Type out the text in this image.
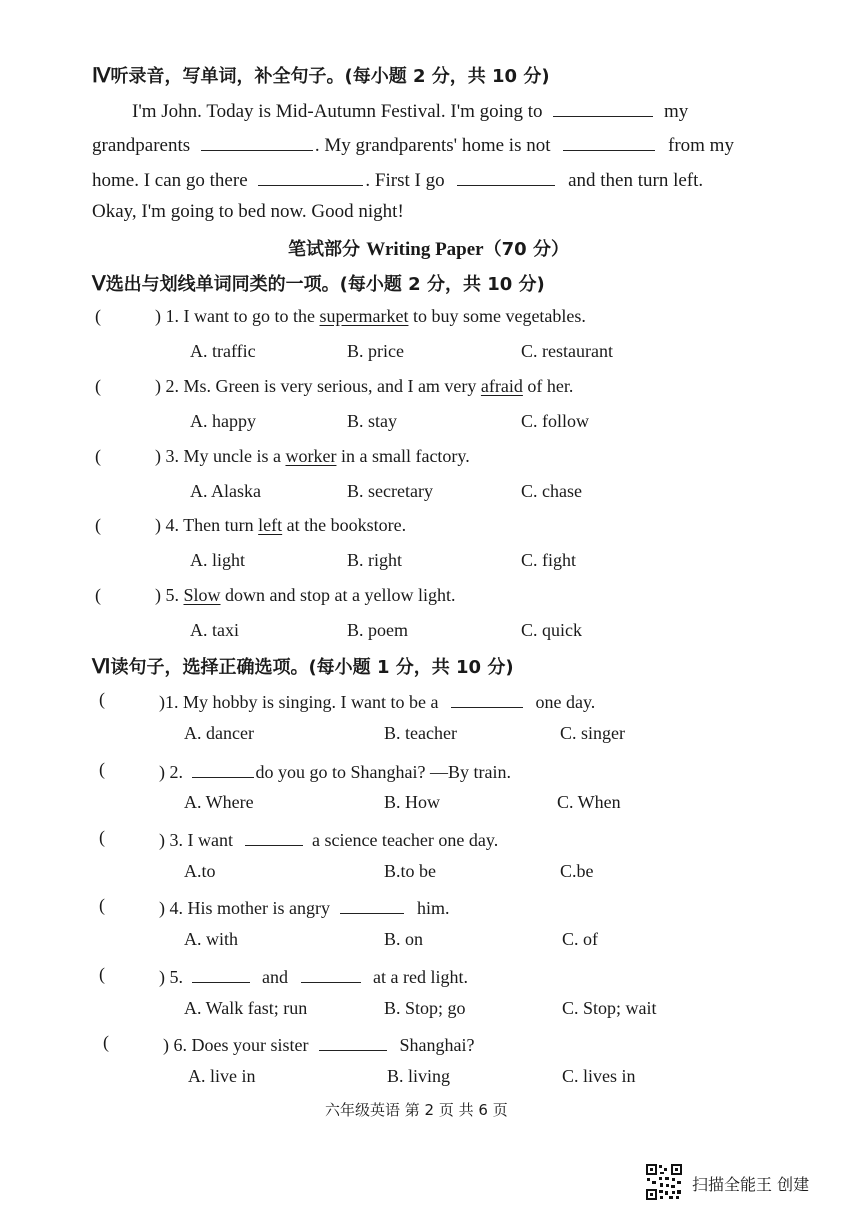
Ⅳ听录音，写单词，补全句子。(每小题 2 分，共 10 分)
I'm John. Today is Mid-Autumn Festival. I'm going to	my
grandparents	. My grandparents' home is not	from my
home. I can go there	. First I go	and then turn left.
Okay, I'm going to bed now. Good night!
笔试部分 Writing Paper（70 分）
Ⅴ选出与划线单词同类的一项。(每小题 2 分，共 10 分)
(	) 1. I want to go to the supermarket to buy some vegetables.
A. traffic	B. price	C. restaurant
(	) 2. Ms. Green is very serious, and I am very afraid of her.
A. happy	B. stay	C. follow
(	) 3. My uncle is a worker in a small factory.
A. Alaska	B. secretary	C. chase
(	) 4. Then turn left at the bookstore.
A. light	B. right	C. fight
(	) 5. Slow down and stop at a yellow light.
A. taxi	B. poem	C. quick
Ⅵ读句子，选择正确选项。(每小题 1 分，共 10 分)
(	)1. My hobby is singing. I want to be a	one day.
A. dancer	B. teacher	C. singer
(	) 2.	do you go to Shanghai? —By train.
A. Where	B. How	C. When
(	) 3. I want	a science teacher one day.
A.to	B.to be	C.be
(	) 4. His mother is angry	him.
A. with	B. on	C. of
(	) 5.	and	at a red light.
A. Walk fast; run	B. Stop; go	C. Stop; wait
(	) 6. Does your sister	Shanghai?
A. live in	B. living	C. lives in
六年级英语 第 2 页 共 6 页
扫描全能王 创建
